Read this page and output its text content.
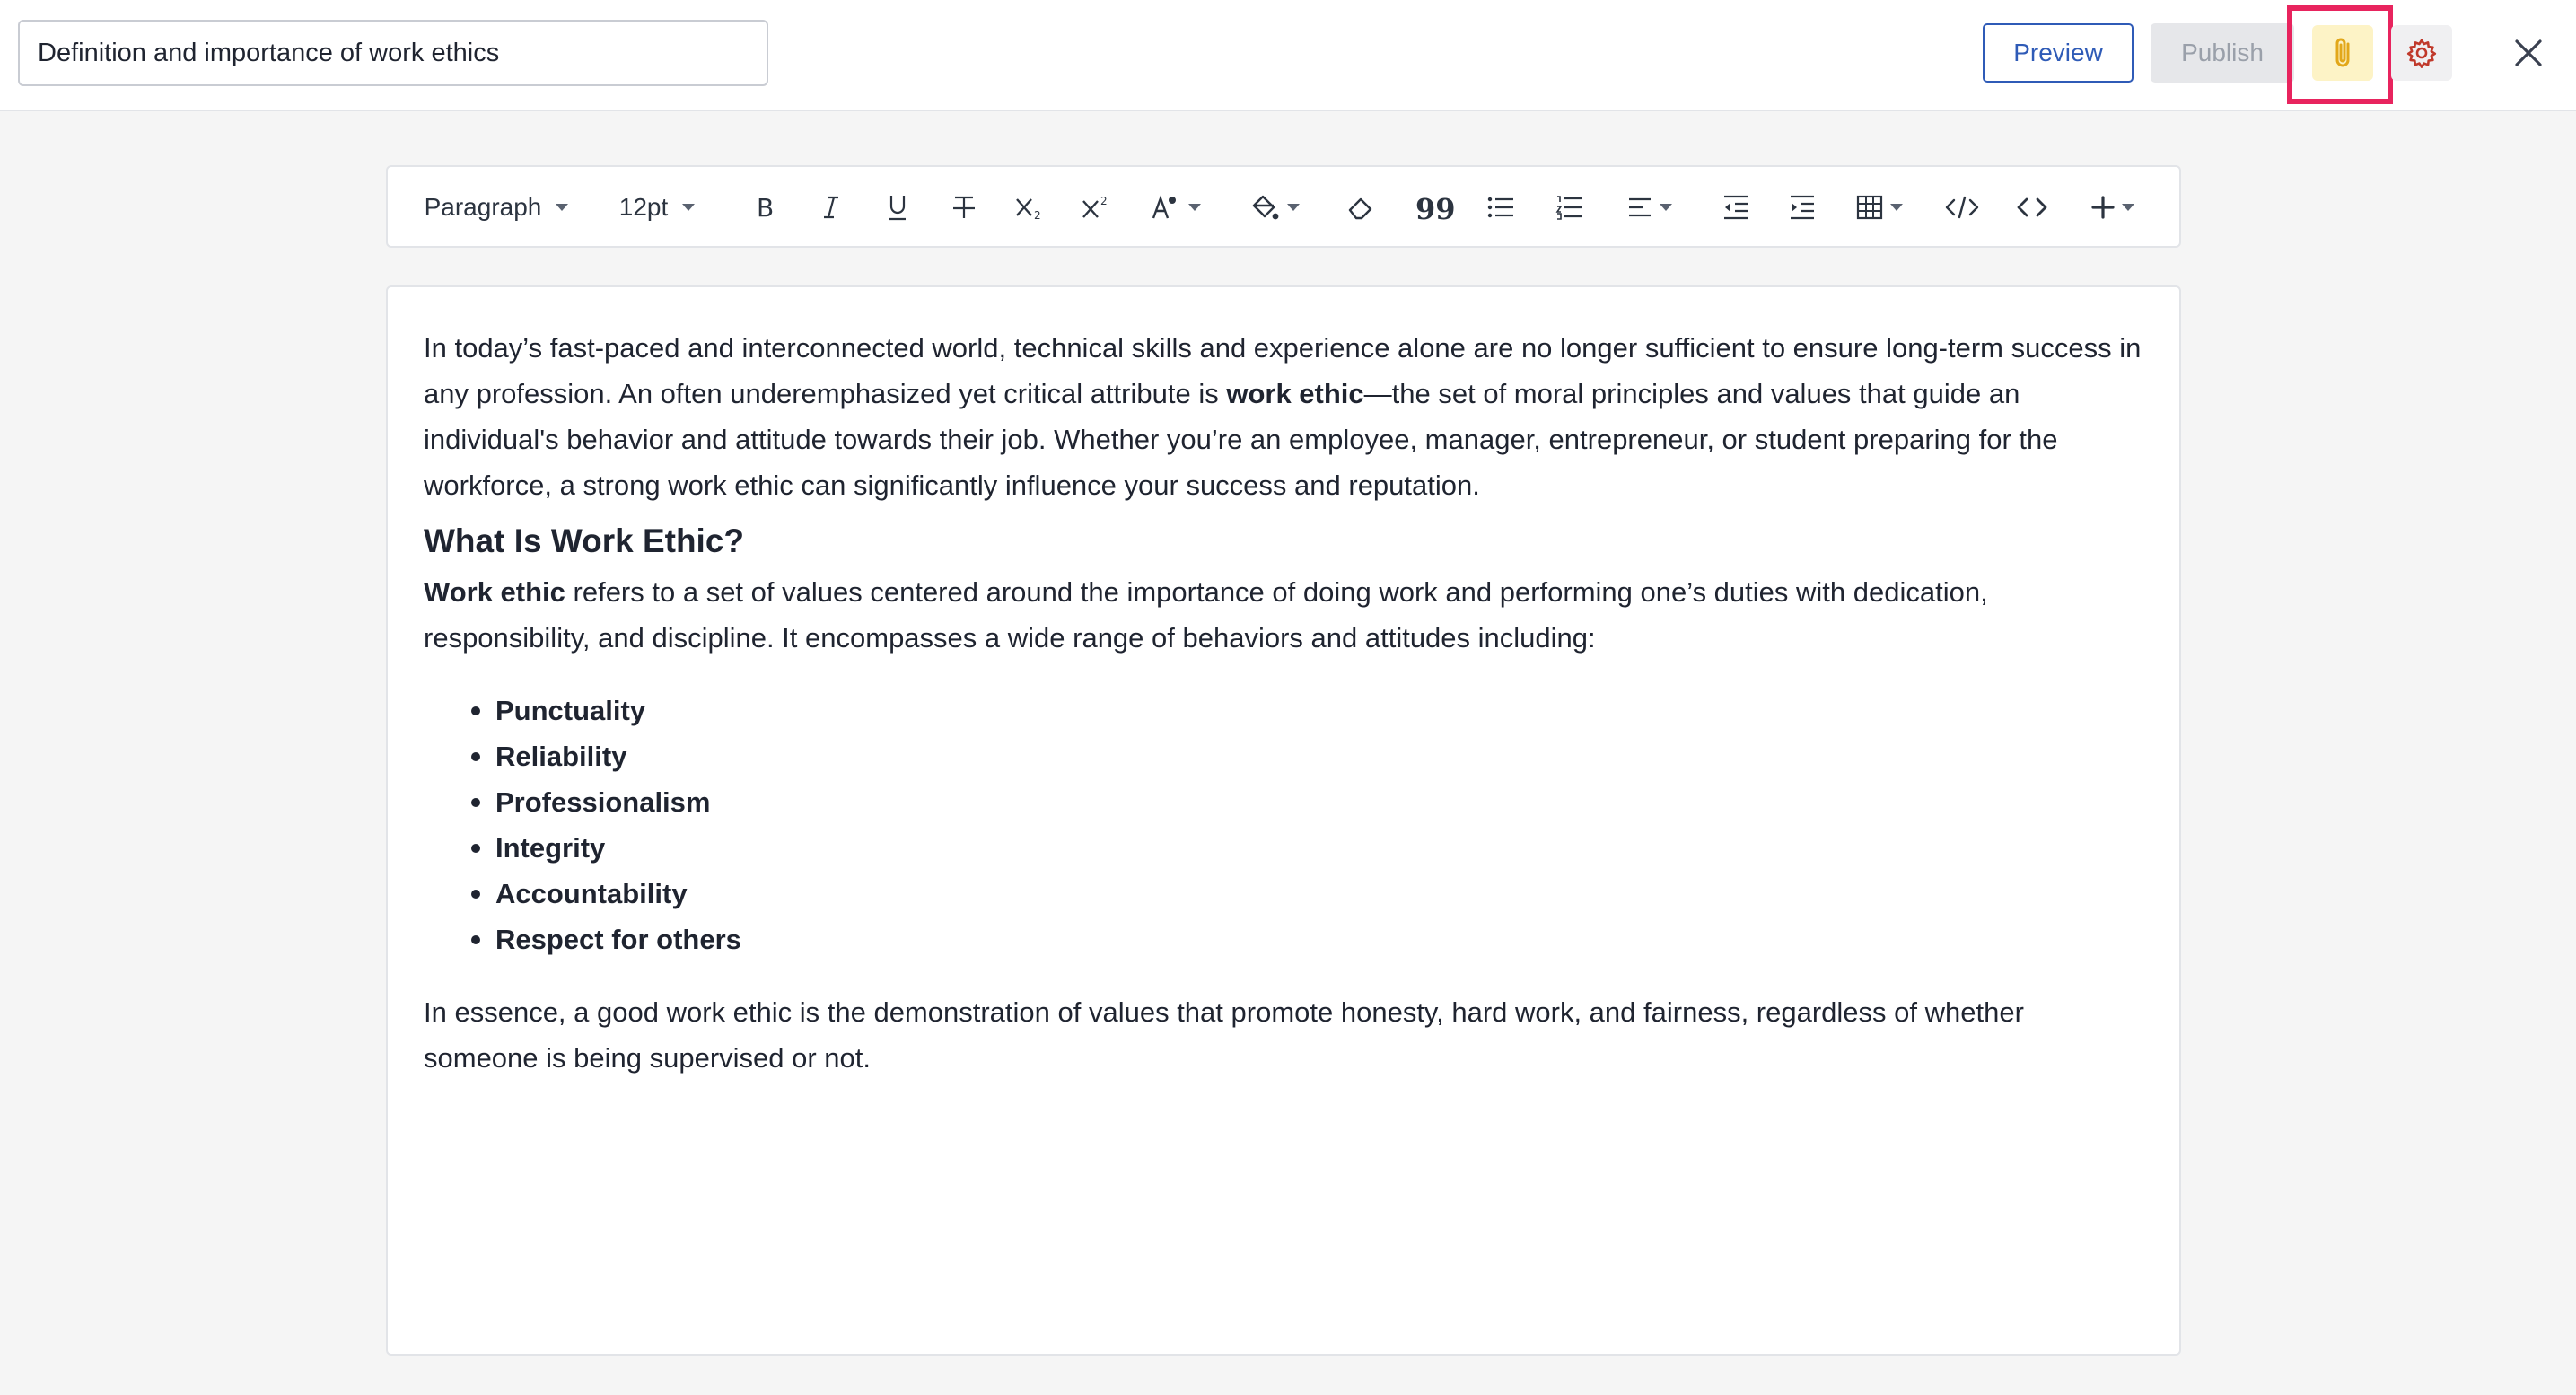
Definition and importance of work ethics
Preview	Publish
Paragraph	12pt	B	2
2	99

In today’s fast-paced and interconnected world, technical skills and experience alone are no longer sufficient to ensure long-term success in any profession. An often underemphasized yet critical attribute is work ethic—the set of moral principles and values that guide an individual's behavior and attitude towards their job. Whether you’re an employee, manager, entrepreneur, or student preparing for the workforce, a strong work ethic can significantly influence your success and reputation.

What Is Work Ethic?

Work ethic refers to a set of values centered around the importance of doing work and performing one’s duties with dedication, responsibility, and discipline. It encompasses a wide range of behaviors and attitudes including:

Punctuality
Reliability
Professionalism
Integrity
Accountability
Respect for others

In essence, a good work ethic is the demonstration of values that promote honesty, hard work, and fairness, regardless of whether someone is being supervised or not.
